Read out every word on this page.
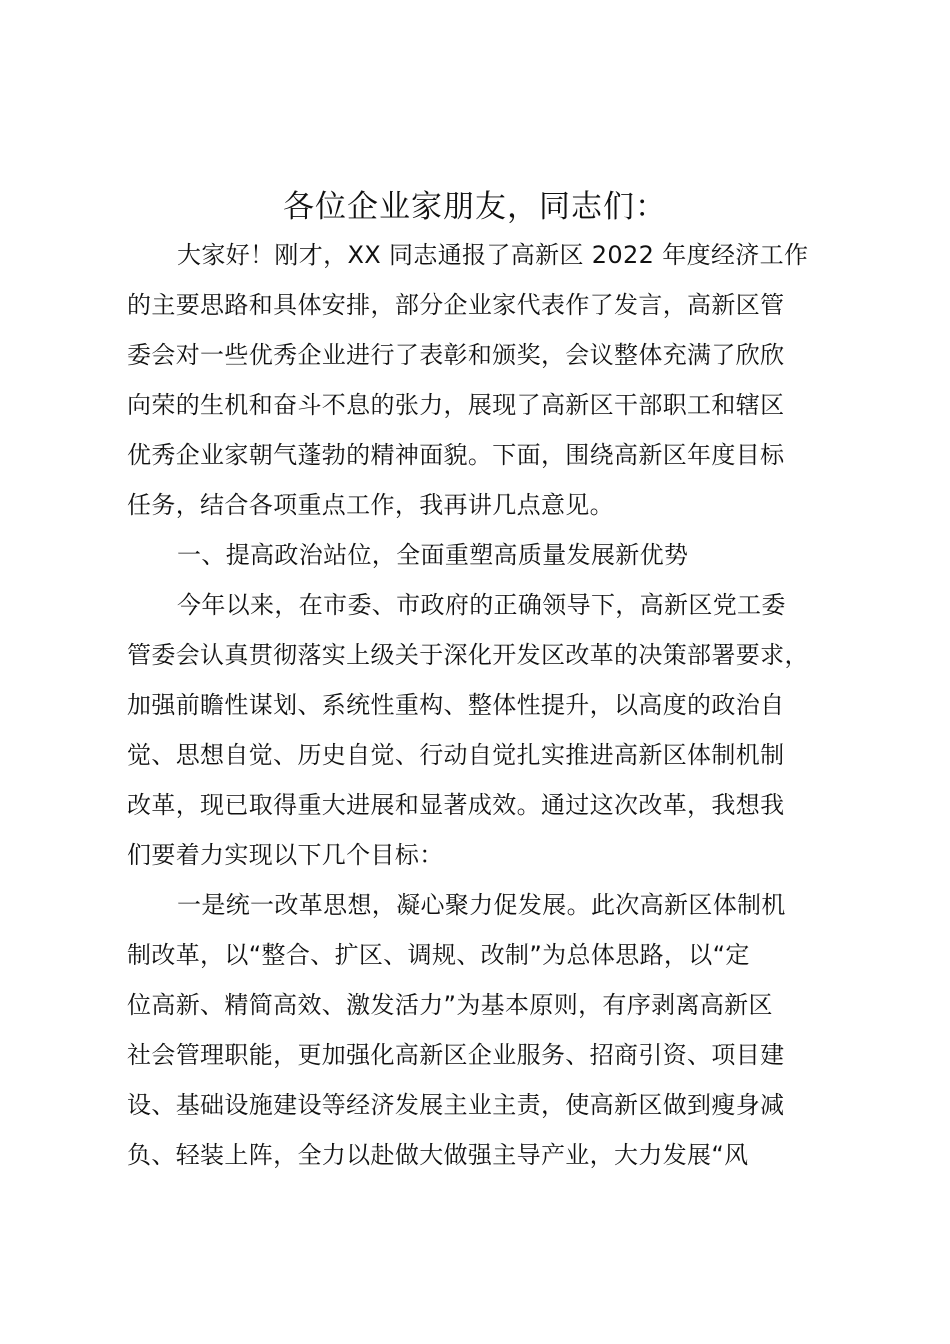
各位企业家朋友，同志们：
大家好！刚才，XX 同志通报了高新区 2022 年度经济工作
的主要思路和具体安排，部分企业家代表作了发言，高新区管
委会对一些优秀企业进行了表彰和颁奖，会议整体充满了欣欣
向荣的生机和奋斗不息的张力，展现了高新区干部职工和辖区
优秀企业家朝气蓬勃的精神面貌。下面，围绕高新区年度目标
任务，结合各项重点工作，我再讲几点意见。
一、提高政治站位，全面重塑高质量发展新优势
今年以来，在市委、市政府的正确领导下，高新区党工委
管委会认真贯彻落实上级关于深化开发区改革的决策部署要求，
加强前瞻性谋划、系统性重构、整体性提升，以高度的政治自
觉、思想自觉、历史自觉、行动自觉扎实推进高新区体制机制
改革，现已取得重大进展和显著成效。通过这次改革，我想我
们要着力实现以下几个目标：
一是统一改革思想，凝心聚力促发展。此次高新区体制机
制改革，以“整合、扩区、调规、改制”为总体思路，以“定
位高新、精简高效、激发活力”为基本原则，有序剥离高新区
社会管理职能，更加强化高新区企业服务、招商引资、项目建
设、基础设施建设等经济发展主业主责，使高新区做到瘦身减
负、轻装上阵，全力以赴做大做强主导产业，大力发展“风
